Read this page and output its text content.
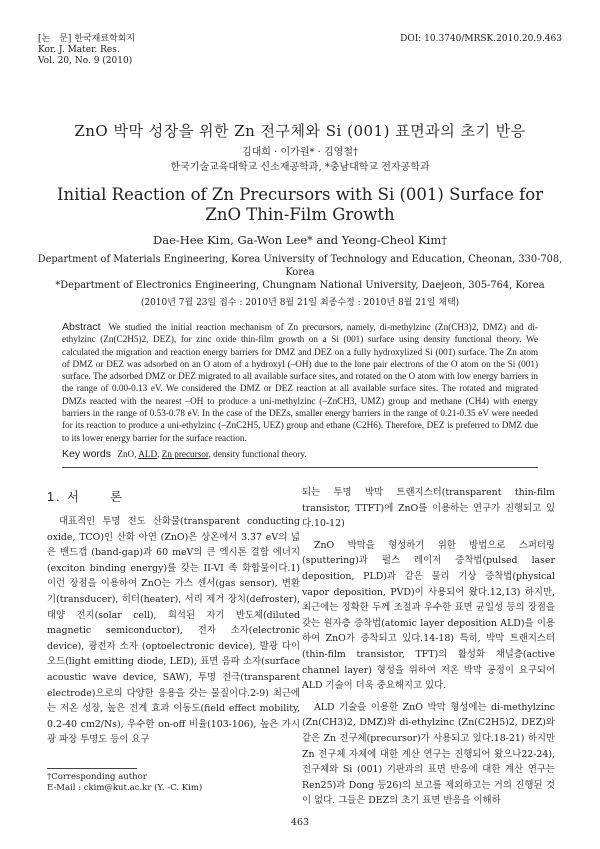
[논　문] 한국재료학회지
Kor. J. Mater. Res.
Vol. 20, No. 9 (2010)
DOI: 10.3740/MRSK.2010.20.9.463
ZnO 박막 성장을 위한 Zn 전구체와 Si (001) 표면과의 초기 반응
김대희 · 이가원* · 김영철†
한국기술교육대학교 신소재공학과, *충남대학교 전자공학과
Initial Reaction of Zn Precursors with Si (001) Surface for
ZnO Thin-Film Growth
Dae-Hee Kim, Ga-Won Lee* and Yeong-Cheol Kim†
Department of Materials Engineering, Korea University of Technology and Education, Cheonan, 330-708, Korea
*Department of Electronics Engineering, Chungnam National University, Daejeon, 305-764, Korea
(2010년 7월 23일 접수 : 2010년 8월 21일 최종수정 : 2010년 8월 21일 채택)
Abstract We studied the initial reaction mechanism of Zn precursors, namely, di-methylzinc (Zn(CH3)2, DMZ) and di-ethylzinc (Zn(C2H5)2, DEZ), for zinc oxide thin-film growth on a Si (001) surface using density functional theory. We calculated the migration and reaction energy barriers for DMZ and DEZ on a fully hydroxylized Si (001) surface. The Zn atom of DMZ or DEZ was adsorbed on an O atom of a hydroxyl (–OH) due to the lone pair electrons of the O atom on the Si (001) surface. The adsorbed DMZ or DEZ migrated to all available surface sites, and rotated on the O atom with low energy barriers in the range of 0.00-0.13 eV. We considered the DMZ or DEZ reaction at all available surface sites. The rotated and migrated DMZs reacted with the nearest –OH to produce a uni-methylzinc (–ZnCH3, UMZ) group and methane (CH4) with energy barriers in the range of 0.53-0.78 eV. In the case of the DEZs, smaller energy barriers in the range of 0.21-0.35 eV were needed for its reaction to produce a uni-ethylzinc (–ZnC2H5, UEZ) group and ethane (C2H6). Therefore, DEZ is preferred to DMZ due to its lower energy barrier for the surface reaction.
Key words ZnO, ALD, Zn precursor, density functional theory.
1. 서　　론

대표적인 투명 전도 산화물(transparent conducting oxide, TCO)인 산화 아연 (ZnO)은 상온에서 3.37 eV의 넓은 밴드갭 (band-gap)과 60 meV의 큰 엑시톤 결합 에너지 (exciton binding energy)를 갖는 II-VI 족 화합물이다.1) 이런 장점을 이용하여 ZnO는 가스 센서(gas sensor), 변환기(transducer), 히터(heater), 서리 제거 장치(defroster), 태양 전지(solar cell), 희석된 자기 반도체(diluted magnetic semiconductor), 전자 소자(electronic device), 광전자 소자 (optoelectronic device), 발광 다이오드(light emitting diode, LED), 표면 음파 소자(surface acoustic wave device, SAW), 투명 전극(transparent electrode)으로의 다양한 응용을 갖는 물질이다.2-9) 최근에는 저온 성장, 높은 전계 효과 이동도(field effect mobility, 0.2-40 cm2/Ns), 우수한 on-off 비율(103-106), 높은 가시광 파장 투명도 등이 요구

되는 투명 박막 트랜지스터(transparent thin-film transistor, TTFT)에 ZnO를 이용하는 연구가 진행되고 있다.10-12)

ZnO 박막을 형성하기 위한 방법으로 스퍼터링(sputtering)과 펄스 레이저 증착법(pulsed laser deposition, PLD)과 같은 물리 기상 증착법(physical vapor deposition, PVD)이 사용되어 왔다.12,13) 하지만, 최근에는 정확한 두께 조절과 우수한 표면 균일성 등의 장점을 갖는 원자층 증착법(atomic layer deposition ALD)을 이용하여 ZnO가 증착되고 있다.14-18) 특히, 박막 트랜지스터(thin-film transistor, TFT)의 활성화 채널층(active channel layer) 형성을 위하여 저온 박막 공정이 요구되어 ALD 기술이 더욱 중요해지고 있다.

ALD 기술을 이용한 ZnO 박막 형성에는 di-methylzinc (Zn(CH3)2, DMZ)와 di-ethylzinc (Zn(C2H5)2, DEZ)와 같은 Zn 전구체(precursor)가 사용되고 있다.18-21) 하지만 Zn 전구체 자체에 대한 계산 연구는 진행되어 왔으나22-24), 전구체와 Si (001) 기판과의 표면 반응에 대한 계산 연구는 Ren25)과 Dong 등26)의 보고를 제외하고는 거의 진행된 것이 없다. 그들은 DEZ의 초기 표면 반응을 이해하

†Corresponding author
E-Mail : ckim@kut.ac.kr (Y. -C. Kim)
463
